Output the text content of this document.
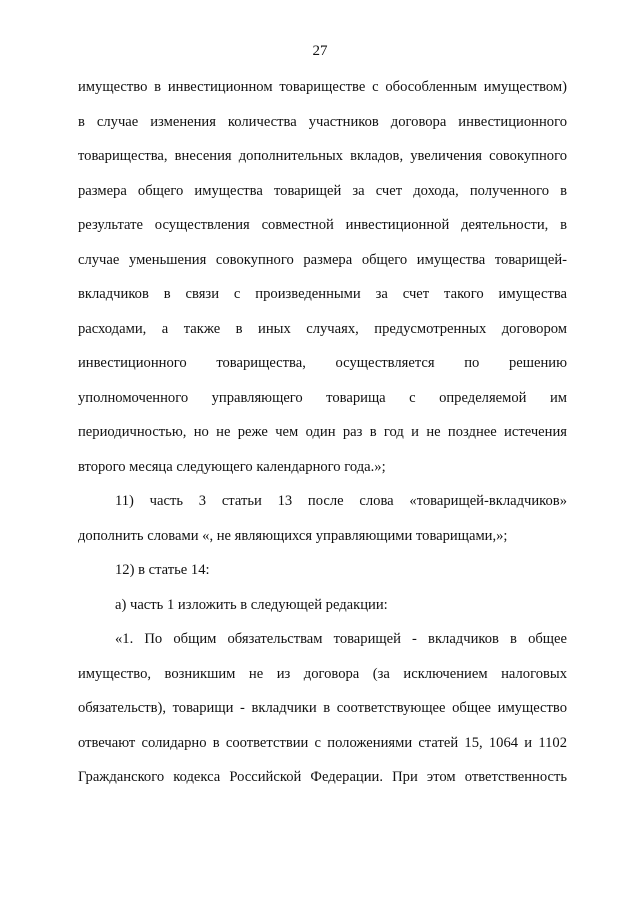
27
имущество в инвестиционном товариществе с обособленным имуществом)
в случае изменения количества участников договора инвестиционного
товарищества, внесения дополнительных вкладов, увеличения совокупного
размера общего имущества товарищей за счет дохода, полученного в
результате осуществления совместной инвестиционной деятельности, в
случае уменьшения совокупного размера общего имущества товарищей-
вкладчиков в связи с произведенными за счет такого имущества
расходами, а также в иных случаях, предусмотренных договором
инвестиционного товарищества, осуществляется по решению
уполномоченного управляющего товарища с определяемой им
периодичностью, но не реже чем один раз в год и не позднее истечения
второго месяца следующего календарного года.»;
11) часть 3 статьи 13 после слова «товарищей-вкладчиков»
дополнить словами «, не являющихся управляющими товарищами,»;
12) в статье 14:
а) часть 1 изложить в следующей редакции:
«1. По общим обязательствам товарищей - вкладчиков в общее
имущество, возникшим не из договора (за исключением налоговых
обязательств), товарищи - вкладчики в соответствующее общее имущество
отвечают солидарно в соответствии с положениями статей 15, 1064 и 1102
Гражданского кодекса Российской Федерации. При этом ответственность
